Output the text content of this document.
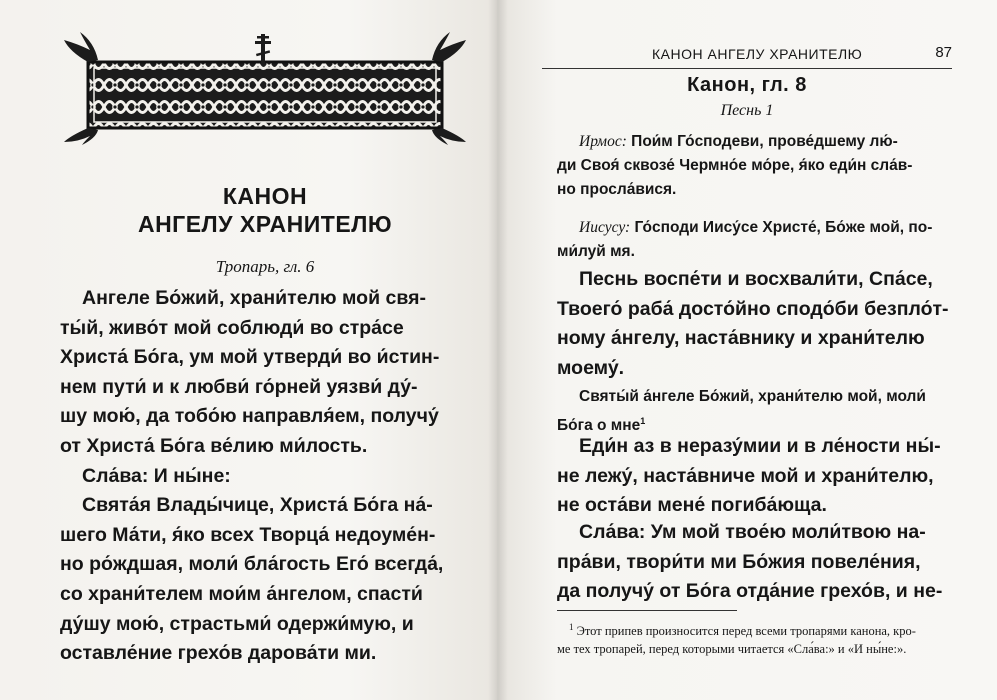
КАНОН
АНГЕЛУ ХРАНИТЕЛЮ
Тропарь, гл. 6
Ангеле Бо́жий, храни́телю мой свя-
ты́й, живо́т мой соблюди́ во стра́се
Христа́ Бо́га, ум мой утверди́ во и́стин-
нем пути́ и к любви́ го́рней уязви́ ду́-
шу мою́, да тобо́ю направля́ем, получу́
от Христа́ Бо́га ве́лию ми́лость.
Сла́ва: И ны́не:
Свята́я Влады́чице, Христа́ Бо́га на́-
шего Ма́ти, я́ко всех Творца́ недоуме́н-
но ро́ждшая, моли́ бла́гость Его́ всегда́,
со храни́телем мои́м а́нгелом, спасти́
ду́шу мою́, страстьми́ одержи́мую, и
оставле́ние грехо́в дарова́ти ми.
КАНОН АНГЕЛУ ХРАНИТЕЛЮ	87
Канон, гл. 8
Песнь 1
Ирмос: Пои́м Го́сподеви, прове́дшему лю́-
ди Своя́ сквозе́ Чермно́е мо́ре, я́ко еди́н сла́в-
но просла́вися.
Иисусу: Го́споди Иису́се Христе́, Бо́же мой, по-
ми́луй мя.
Песнь воспе́ти и восхвали́ти, Спа́се,
Твоего́ раба́ досто́йно сподо́би безпло́т-
ному а́нгелу, наста́внику и храни́телю
моему́.
Святы́й а́нгеле Бо́жий, храни́телю мой, моли́
Бо́га о мне$^1$
Еди́н аз в неразу́мии и в ле́ности ны́-
не лежу́, наста́вниче мой и храни́телю,
не оста́ви мене́ погиба́юща.
Сла́ва: Ум мой твое́ю моли́твою на-
пра́ви, твори́ти ми Бо́жия повеле́ния,
да получу́ от Бо́га отда́ние грехо́в, и не-
$^1$ Этот припев произносится перед всеми тропарями канона, кро-
ме тех тропарей, перед которыми читается «Сла́ва:» и «И ны́не:».
